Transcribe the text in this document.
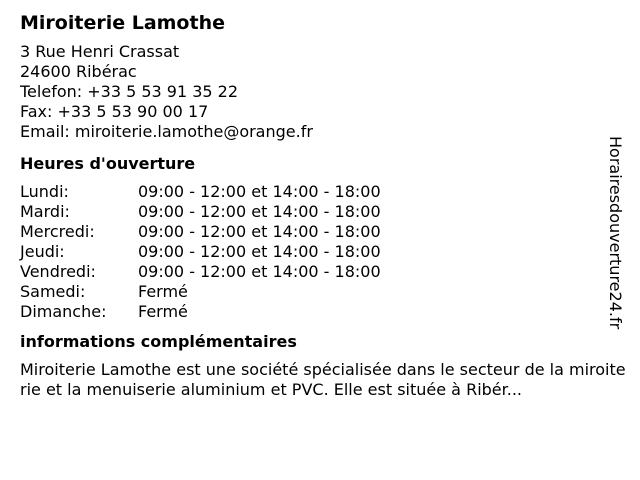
Miroiterie Lamothe
3 Rue Henri Crassat
24600 Ribérac
Telefon: +33 5 53 91 35 22
Fax: +33 5 53 90 00 17
Email: miroiterie.lamothe@orange.fr
Heures d'ouverture
Lundi:	09:00 - 12:00 et 14:00 - 18:00
Mardi:	09:00 - 12:00 et 14:00 - 18:00
Mercredi:	09:00 - 12:00 et 14:00 - 18:00
Jeudi:	09:00 - 12:00 et 14:00 - 18:00
Vendredi:	09:00 - 12:00 et 14:00 - 18:00
Samedi:	Fermé
Dimanche:	Fermé
informations complémentaires
Miroiterie Lamothe est une société spécialisée dans le secteur de la miroiterie et la menuiserie aluminium et PVC. Elle est située à Ribér...
Horairesdouverture24.fr
